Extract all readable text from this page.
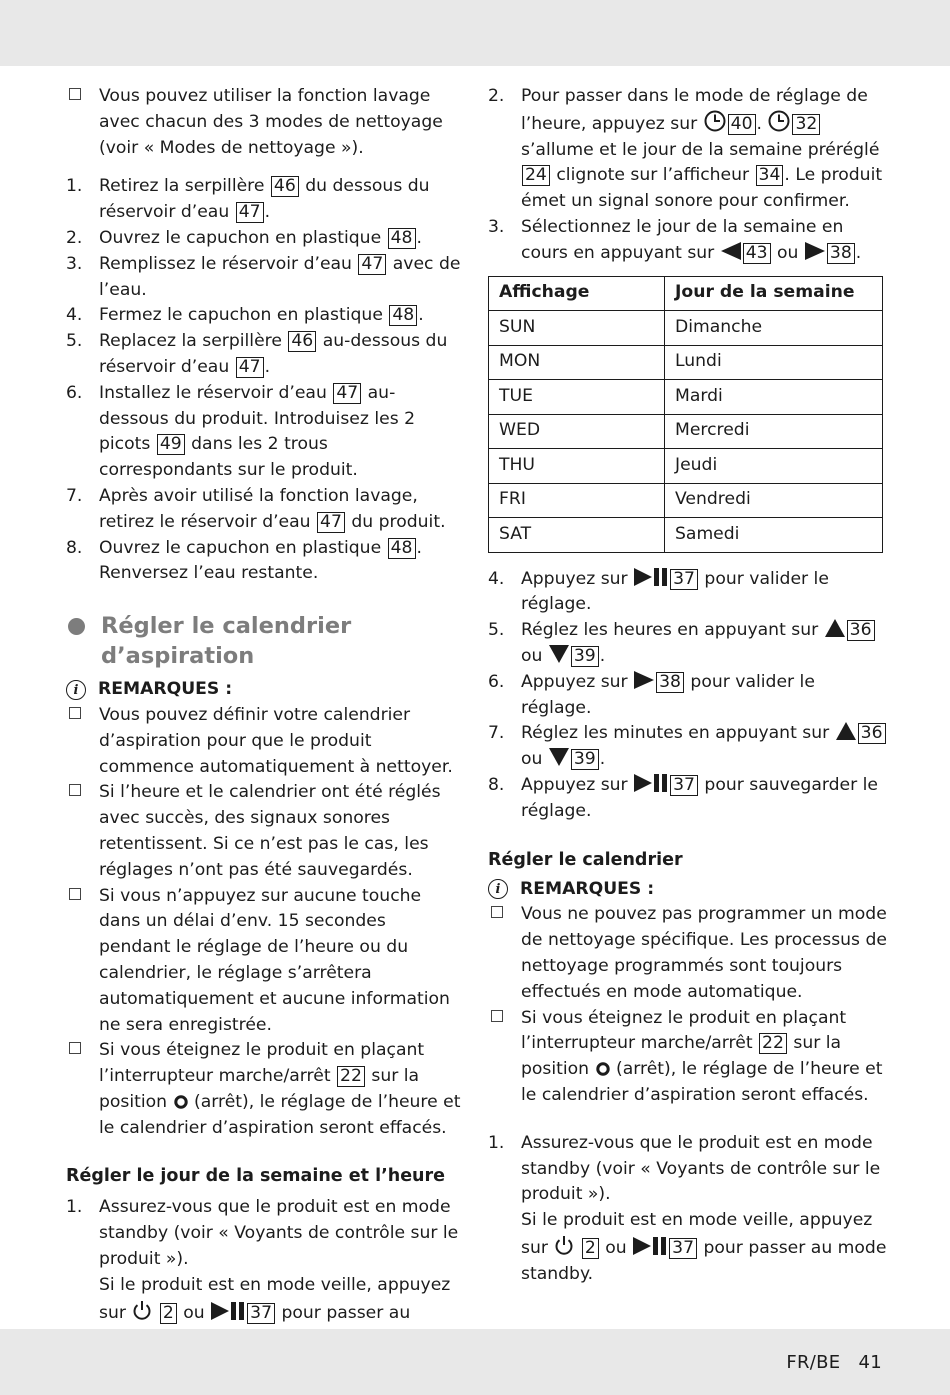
Vous pouvez utiliser la fonction lavage avec chacun des 3 modes de nettoyage (voir « Modes de nettoyage »).
1. Retirez la serpillère 46 du dessous du réservoir d’eau 47 .
2. Ouvrez le capuchon en plastique 48 .
3. Remplissez le réservoir d’eau 47 avec de l’eau.
4. Fermez le capuchon en plastique 48 .
5. Replacez la serpillère 46 au-dessous du réservoir d’eau 47 .
6. Installez le réservoir d’eau 47 au-dessous du produit. Introduisez les 2 picots 49 dans les 2 trous correspondants sur le produit.
7. Après avoir utilisé la fonction lavage, retirez le réservoir d’eau 47 du produit.
8. Ouvrez le capuchon en plastique 48 . Renversez l’eau restante.
Régler le calendrier
d’aspiration
i	REMARQUES :
Vous pouvez définir votre calendrier d’aspiration pour que le produit commence automatiquement à nettoyer.
Si l’heure et le calendrier ont été réglés avec succès, des signaux sonores retentissent. Si ce n’est pas le cas, les réglages n’ont pas été sauvegardés.
Si vous n’appuyez sur aucune touche dans un délai d’env. 15 secondes pendant le réglage de l’heure ou du calendrier, le réglage s’arrêtera automatiquement et aucune information ne sera enregistrée.
Si vous éteignez le produit en plaçant l’interrupteur marche/arrêt 22 sur la position  (arrêt), le réglage de l’heure et le calendrier d’aspiration seront effacés.
Régler le jour de la semaine et l’heure
1. Assurez-vous que le produit est en mode standby (voir « Voyants de contrôle sur le produit »).
Si le produit est en mode veille, appuyez sur  2 ou 37 pour passer au
2. Pour passer dans le mode de réglage de l’heure, appuyez sur 40 . 32 s’allume et le jour de la semaine préréglé 24 clignote sur l’afficheur 34 . Le produit émet un signal sonore pour confirmer.
3. Sélectionnez le jour de la semaine en cours en appuyant sur 43 ou 38 .
Affichage	Jour de la semaine
SUN	Dimanche
MON	Lundi
TUE	Mardi
WED	Mercredi
THU	Jeudi
FRI	Vendredi
SAT	Samedi
4. Appuyez sur 37 pour valider le réglage.
5. Réglez les heures en appuyant sur 36 ou 39 .
6. Appuyez sur 38 pour valider le réglage.
7. Réglez les minutes en appuyant sur 36 ou 39 .
8. Appuyez sur 37 pour sauvegarder le réglage.
Régler le calendrier
i	REMARQUES :
Vous ne pouvez pas programmer un mode de nettoyage spécifique. Les processus de nettoyage programmés sont toujours effectués en mode automatique.
Si vous éteignez le produit en plaçant l’interrupteur marche/arrêt 22 sur la position  (arrêt), le réglage de l’heure et le calendrier d’aspiration seront effacés.
1. Assurez-vous que le produit est en mode standby (voir « Voyants de contrôle sur le produit »).
Si le produit est en mode veille, appuyez sur  2 ou 37 pour passer au mode standby.
FR/BE 41
